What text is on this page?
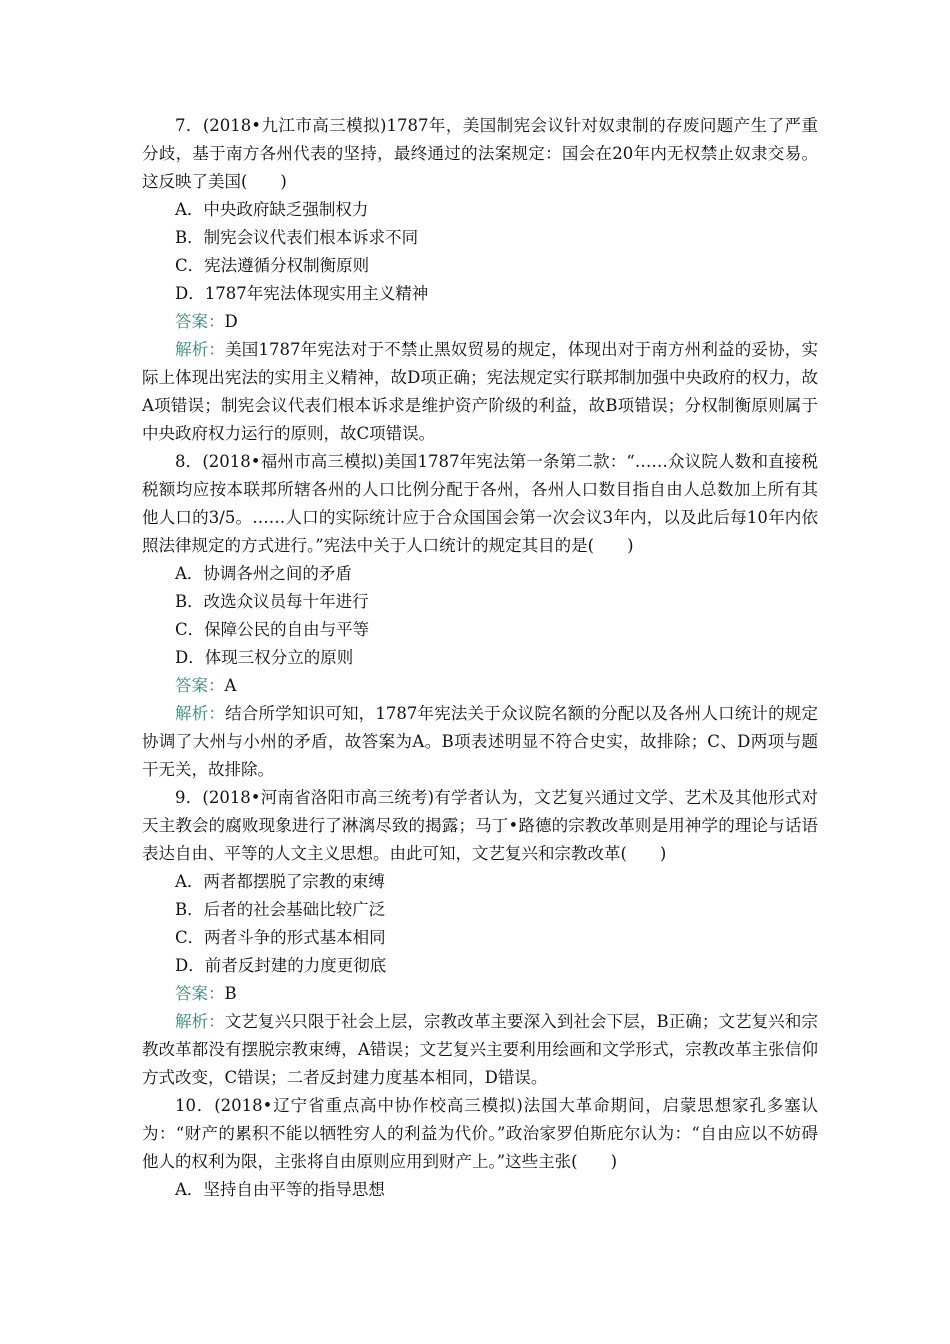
7．(2018•九江市高三模拟)1787年，美国制宪会议针对奴隶制的存废问题产生了严重分歧，基于南方各州代表的坚持，最终通过的法案规定：国会在20年内无权禁止奴隶交易。这反映了美国(　　)

A．中央政府缺乏强制权力

B．制宪会议代表们根本诉求不同

C．宪法遵循分权制衡原则

D．1787年宪法体现实用主义精神

答案：D

解析：美国1787年宪法对于不禁止黑奴贸易的规定，体现出对于南方州利益的妥协，实际上体现出宪法的实用主义精神，故D项正确；宪法规定实行联邦制加强中央政府的权力，故A项错误；制宪会议代表们根本诉求是维护资产阶级的利益，故B项错误；分权制衡原则属于中央政府权力运行的原则，故C项错误。

8．(2018•福州市高三模拟)美国1787年宪法第一条第二款：“……众议院人数和直接税税额均应按本联邦所辖各州的人口比例分配于各州，各州人口数目指自由人总数加上所有其他人口的3/5。……人口的实际统计应于合众国国会第一次会议3年内，以及此后每10年内依照法律规定的方式进行。”宪法中关于人口统计的规定其目的是(　　)

A．协调各州之间的矛盾

B．改选众议员每十年进行

C．保障公民的自由与平等

D．体现三权分立的原则

答案：A

解析：结合所学知识可知，1787年宪法关于众议院名额的分配以及各州人口统计的规定协调了大州与小州的矛盾，故答案为A。B项表述明显不符合史实，故排除；C、D两项与题干无关，故排除。

9．(2018•河南省洛阳市高三统考)有学者认为，文艺复兴通过文学、艺术及其他形式对天主教会的腐败现象进行了淋漓尽致的揭露；马丁•路德的宗教改革则是用神学的理论与话语表达自由、平等的人文主义思想。由此可知，文艺复兴和宗教改革(　　)

A．两者都摆脱了宗教的束缚

B．后者的社会基础比较广泛

C．两者斗争的形式基本相同

D．前者反封建的力度更彻底

答案：B

解析：文艺复兴只限于社会上层，宗教改革主要深入到社会下层，B正确；文艺复兴和宗教改革都没有摆脱宗教束缚，A错误；文艺复兴主要利用绘画和文学形式，宗教改革主张信仰方式改变，C错误；二者反封建力度基本相同，D错误。

10．(2018•辽宁省重点高中协作校高三模拟)法国大革命期间，启蒙思想家孔多塞认为：“财产的累积不能以牺牲穷人的利益为代价。”政治家罗伯斯庇尔认为：“自由应以不妨碍他人的权利为限，主张将自由原则应用到财产上。”这些主张(　　)

A．坚持自由平等的指导思想
